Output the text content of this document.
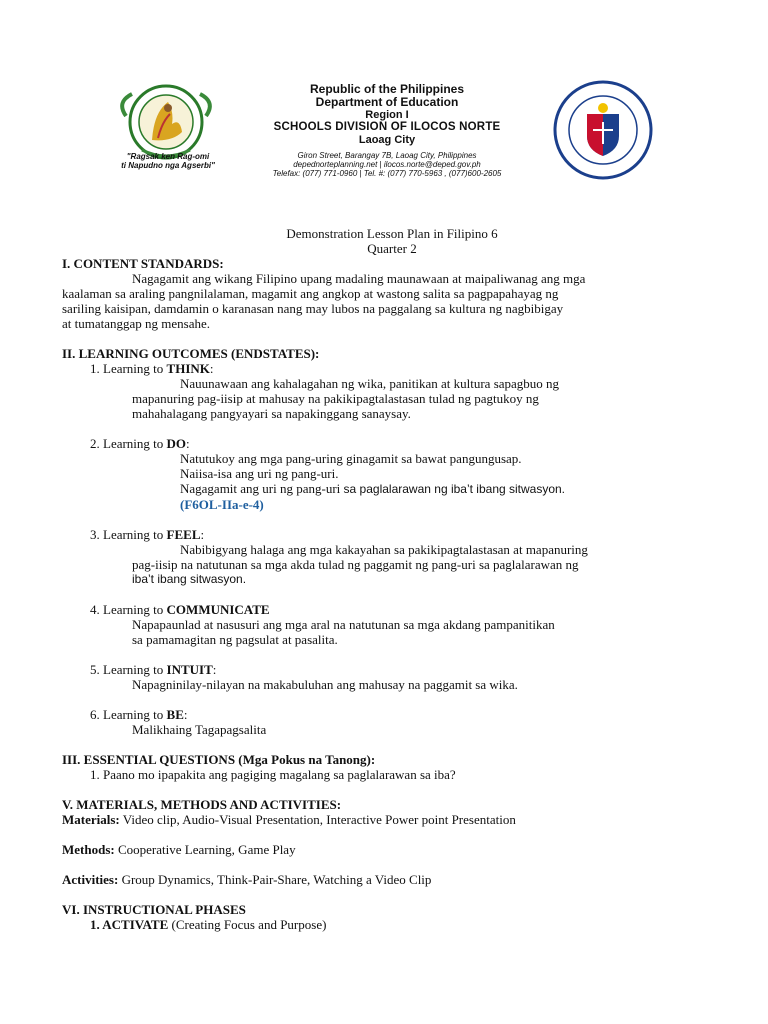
"Ragsak ken Rag-omi
ti Napudno nga Agserbi"
Republic of the Philippines
Department of Education
Region I
SCHOOLS DIVISION OF ILOCOS NORTE
Laoag City
Giron Street, Barangay 7B, Laoag City, Philippines
depednorteplanning.net | ilocos.norte@deped.gov.ph
Telefax: (077) 771-0960 | Tel. #: (077) 770-5963 , (077)600-2605
Demonstration Lesson Plan in Filipino 6
Quarter 2
I. CONTENT STANDARDS:
Nagagamit ang wikang Filipino upang madaling maunawaan at maipaliwanag ang mga
kaalaman sa araling pangnilalaman, magamit ang angkop at wastong salita sa pagpapahayag ng
sariling kaisipan, damdamin o karanasan nang may lubos na paggalang sa kultura ng nagbibigay
at tumatanggap ng mensahe.
II. LEARNING OUTCOMES (ENDSTATES):
1. Learning to THINK:
Nauunawaan ang kahalagahan ng wika, panitikan at kultura sapagbuo ng
mapanuring pag-iisip at mahusay na pakikipagtalastasan tulad ng pagtukoy ng
mahahalagang pangyayari sa napakinggang sanaysay.
2. Learning to DO:
Natutukoy ang mga pang-uring ginagamit sa bawat pangungusap.
Naiisa-isa ang uri ng pang-uri.
Nagagamit ang uri ng pang-uri sa paglalarawan ng iba’t ibang sitwasyon.
(F6OL-IIa-e-4)
3. Learning to FEEL:
Nabibigyang halaga ang mga kakayahan sa pakikipagtalastasan at mapanuring
pag-iisip na natutunan sa mga akda tulad ng paggamit ng pang-uri sa paglalarawan ng
iba’t ibang sitwasyon.
4. Learning to COMMUNICATE
Napapaunlad at nasusuri ang mga aral na natutunan sa mga akdang pampanitikan
sa pamamagitan ng pagsulat at pasalita.
5. Learning to INTUIT:
Napagninilay-nilayan na makabuluhan ang mahusay na paggamit sa wika.
6. Learning to BE:
Malikhaing Tagapagsalita
III. ESSENTIAL QUESTIONS (Mga Pokus na Tanong):
1. Paano mo ipapakita ang pagiging magalang sa paglalarawan sa iba?
V. MATERIALS, METHODS AND ACTIVITIES:
Materials: Video clip, Audio-Visual Presentation, Interactive Power point Presentation
Methods: Cooperative Learning, Game Play
Activities: Group Dynamics, Think-Pair-Share, Watching a Video Clip
VI. INSTRUCTIONAL PHASES
1. ACTIVATE (Creating Focus and Purpose)
